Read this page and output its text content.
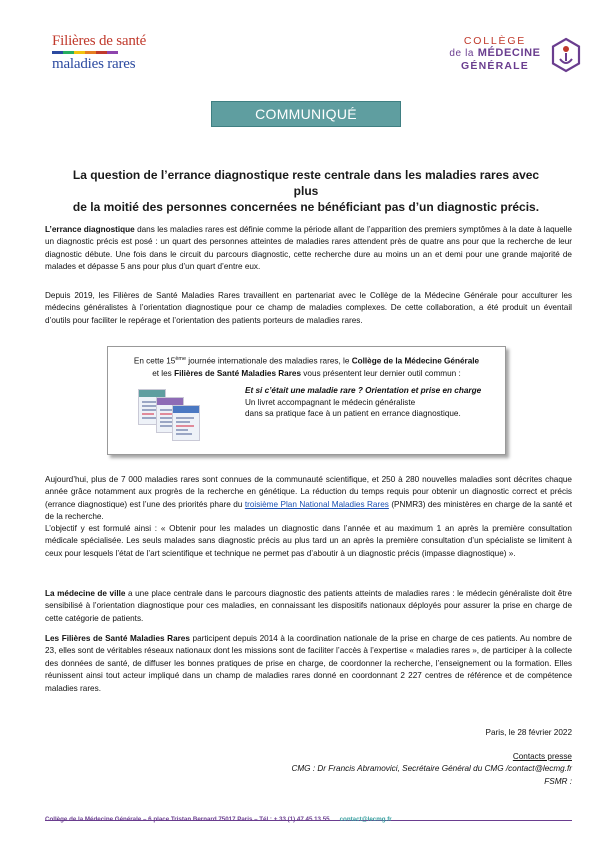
Filières de santé
maladies rares
COLLÈGE
de la MÉDECINE
GÉNÉRALE
COMMUNIQUÉ
La question de l’errance diagnostique reste centrale dans les maladies rares avec plus
de la moitié des personnes concernées ne bénéficiant pas d’un diagnostic précis.
L’errance diagnostique dans les maladies rares est définie comme la période allant de l’apparition des premiers symptômes à la date à laquelle un diagnostic précis est posé : un quart des personnes atteintes de maladies rares attendent près de quatre ans pour que la recherche de leur diagnostic débute. Une fois dans le circuit du parcours diagnostic, cette recherche dure au moins un an et demi pour une grande majorité de malades et dépasse 5 ans pour plus d’un quart d’entre eux.
Depuis 2019, les Filières de Santé Maladies Rares travaillent en partenariat avec le Collège de la Médecine Générale pour acculturer les médecins généralistes à l’orientation diagnostique pour ce champ de maladies complexes. De cette collaboration, a été produit un éventail d’outils pour faciliter le repérage et l’orientation des patients porteurs de maladies rares.
En cette 15ème journée internationale des maladies rares, le Collège de la Médecine Générale
et les Filières de Santé Maladies Rares vous présentent leur dernier outil commun :
Et si c’était une maladie rare ? Orientation et prise en charge
Un livret accompagnant le médecin généraliste
dans sa pratique face à un patient en errance diagnostique.
Aujourd’hui, plus de 7 000 maladies rares sont connues de la communauté scientifique, et 250 à 280 nouvelles maladies sont décrites chaque année grâce notamment aux progrès de la recherche en génétique. La réduction du temps requis pour obtenir un diagnostic correct et précis (errance diagnostique) est l’une des priorités phare du troisième Plan National Maladies Rares (PNMR3) des ministères en charge de la santé et de la recherche.
L’objectif y est formulé ainsi : « Obtenir pour les malades un diagnostic dans l’année et au maximum 1 an après la première consultation médicale spécialisée. Les seuls malades sans diagnostic précis au plus tard un an après la première consultation d’un spécialiste se limitent à ceux pour lesquels l’état de l’art scientifique et technique ne permet pas d’aboutir à un diagnostic précis (impasse diagnostique) ».
La médecine de ville a une place centrale dans le parcours diagnostic des patients atteints de maladies rares : le médecin généraliste doit être sensibilisé à l’orientation diagnostique pour ces maladies, en connaissant les dispositifs nationaux déployés pour assurer la prise en charge de cette catégorie de patients.
Les Filières de Santé Maladies Rares participent depuis 2014 à la coordination nationale de la prise en charge de ces patients. Au nombre de 23, elles sont de véritables réseaux nationaux dont les missions sont de faciliter l’accès à l’expertise « maladies rares », de participer à la collecte des données de santé, de diffuser les bonnes pratiques de prise en charge, de coordonner la recherche, l’enseignement ou la formation. Elles réunissent ainsi tout acteur impliqué dans un champ de maladies rares donné en coordonnant 2 227 centres de référence et de compétence maladies rares.
Paris, le 28 février 2022
Contacts presse
CMG : Dr Francis Abramovici, Secrétaire Général du CMG /contact@lecmg.fr
FSMR :
Collège de la Médecine Générale – 6 place Tristan Bernard 75017 Paris – Tél : + 33 (1) 47 45 13 55 contact@lecmg.fr
